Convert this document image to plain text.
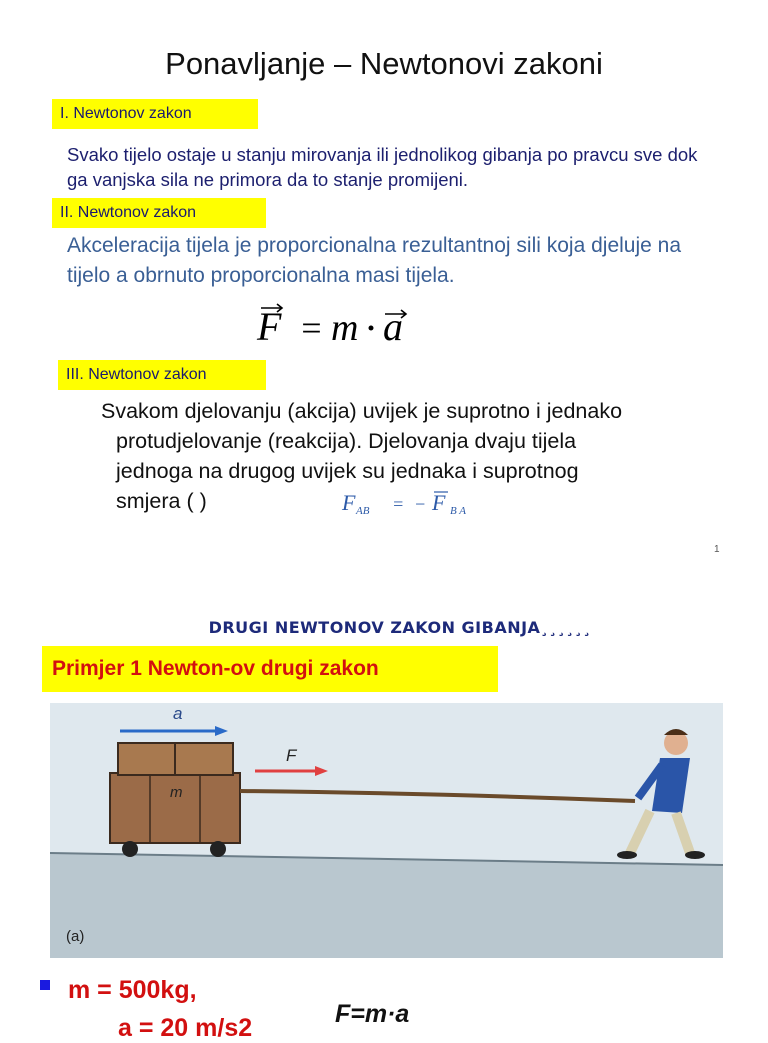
Ponavljanje – Newtonovi zakoni
I. Newtonov zakon
Svako tijelo ostaje u stanju mirovanja ili jednolikog gibanja po pravcu sve dok ga vanjska sila ne primora da to stanje promijeni.
II. Newtonov zakon
Akceleracija tijela je proporcionalna rezultantnoj sili koja djeluje na tijelo a obrnuto proporcionalna masi tijela.
F = m a
III. Newtonov zakon
Svakom djelovanju (akcija) uvijek je suprotno i jednako
protudjelovanje (reakcija). Djelovanja dvaju tijela
jednoga na drugog uvijek su jednaka i suprotnog
smjera ( )	F AB = − F B A
1
DRUGI NEWTONOV ZAKON GIBANJA¸¸¸¸¸¸
Primjer 1 Newton-ov drugi zakon
a
F
m
(a)
m = 500kg,
a = 20 m/s2	F=m·a
